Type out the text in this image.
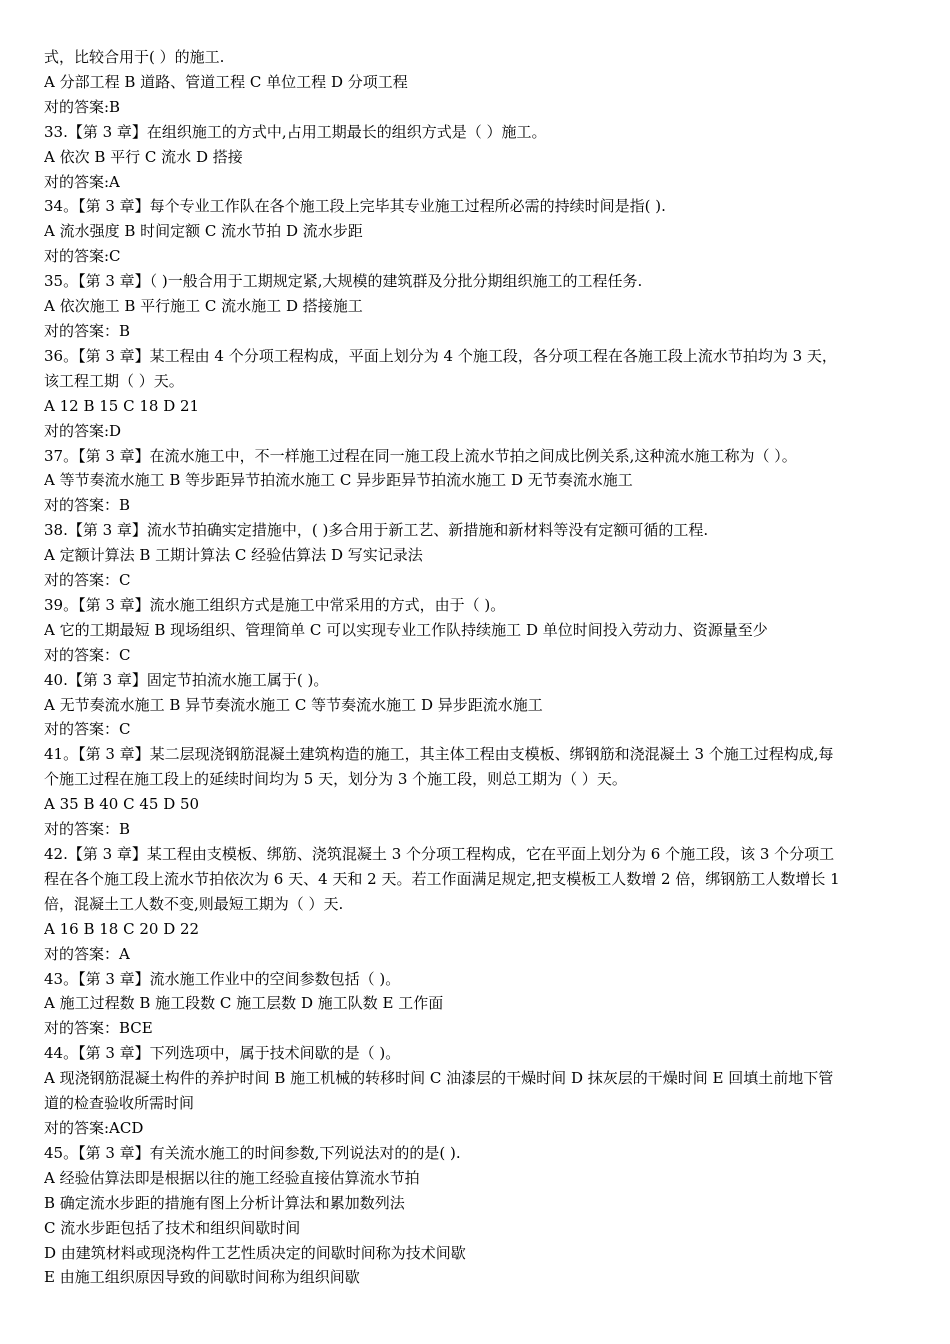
式，比较合用于( ）的施工.
A 分部工程 B 道路、管道工程 C 单位工程 D 分项工程
对的答案:B
33.【第 3 章】在组织施工的方式中,占用工期最长的组织方式是（ ）施工。
A 依次 B 平行 C 流水 D 搭接
对的答案:A
34。【第 3 章】每个专业工作队在各个施工段上完毕其专业施工过程所必需的持续时间是指( ).
A 流水强度 B 时间定额 C 流水节拍 D 流水步距
对的答案:C
35。【第 3 章】（ )一般合用于工期规定紧,大规模的建筑群及分批分期组织施工的工程任务.
A 依次施工 B 平行施工 C 流水施工 D 搭接施工
对的答案：B
36。【第 3 章】某工程由 4 个分项工程构成，平面上划分为 4 个施工段，各分项工程在各施工段上流水节拍均为 3 天，
该工程工期（ ）天。
A 12 B 15 C 18 D 21
对的答案:D
37。【第 3 章】在流水施工中，不一样施工过程在同一施工段上流水节拍之间成比例关系,这种流水施工称为（ ）。
A 等节奏流水施工 B 等步距异节拍流水施工 C 异步距异节拍流水施工 D 无节奏流水施工
对的答案：B
38.【第 3 章】流水节拍确实定措施中，( )多合用于新工艺、新措施和新材料等没有定额可循的工程.
A 定额计算法 B 工期计算法 C 经验估算法 D 写实记录法
对的答案：C
39。【第 3 章】流水施工组织方式是施工中常采用的方式，由于（ )。
A 它的工期最短 B 现场组织、管理简单 C 可以实现专业工作队持续施工 D 单位时间投入劳动力、资源量至少
对的答案：C
40.【第 3 章】固定节拍流水施工属于( )。
A 无节奏流水施工 B 异节奏流水施工 C 等节奏流水施工 D 异步距流水施工
对的答案：C
41。【第 3 章】某二层现浇钢筋混凝土建筑构造的施工，其主体工程由支模板、绑钢筋和浇混凝土 3 个施工过程构成,每
个施工过程在施工段上的延续时间均为 5 天，划分为 3 个施工段，则总工期为（ ）天。
A 35 B 40 C 45 D 50
对的答案：B
42.【第 3 章】某工程由支模板、绑筋、浇筑混凝土 3 个分项工程构成，它在平面上划分为 6 个施工段，该 3 个分项工
程在各个施工段上流水节拍依次为 6 天、4 天和 2 天。若工作面满足规定,把支模板工人数增 2 倍，绑钢筋工人数增长 1
倍，混凝土工人数不变,则最短工期为（ ）天.
A 16 B 18 C 20 D 22
对的答案：A
43。【第 3 章】流水施工作业中的空间参数包括（ )。
A 施工过程数 B 施工段数 C 施工层数 D 施工队数 E 工作面
对的答案：BCE
44。【第 3 章】下列选项中，属于技术间歇的是（ )。
A 现浇钢筋混凝土构件的养护时间 B 施工机械的转移时间 C 油漆层的干燥时间 D 抹灰层的干燥时间 E 回填土前地下管
道的检查验收所需时间
对的答案:ACD
45。【第 3 章】有关流水施工的时间参数,下列说法对的的是( ).
A 经验估算法即是根据以往的施工经验直接估算流水节拍
B 确定流水步距的措施有图上分析计算法和累加数列法
C 流水步距包括了技术和组织间歇时间
D 由建筑材料或现浇构件工艺性质决定的间歇时间称为技术间歇
E 由施工组织原因导致的间歇时间称为组织间歇
